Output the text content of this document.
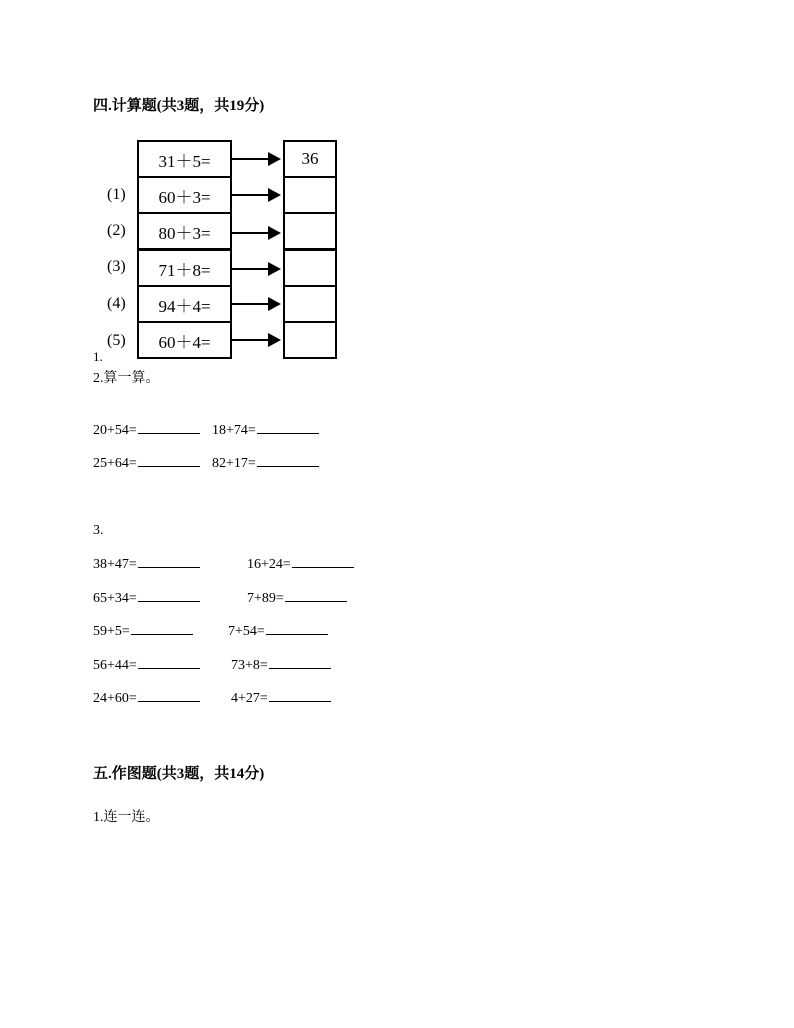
四.计算题(共3题，共19分)
31＋5=	36
(1)	60＋3=
(2)	80＋3=
(3)	71＋8=
(4)	94＋4=
(5)	60＋4=
1.
2.算一算。
20+54=	18+74=
25+64=	82+17=
3.
38+47=	16+24=
65+34=	7+89=
59+5=	7+54=
56+44=	73+8=
24+60=	4+27=
五.作图题(共3题，共14分)
1.连一连。
